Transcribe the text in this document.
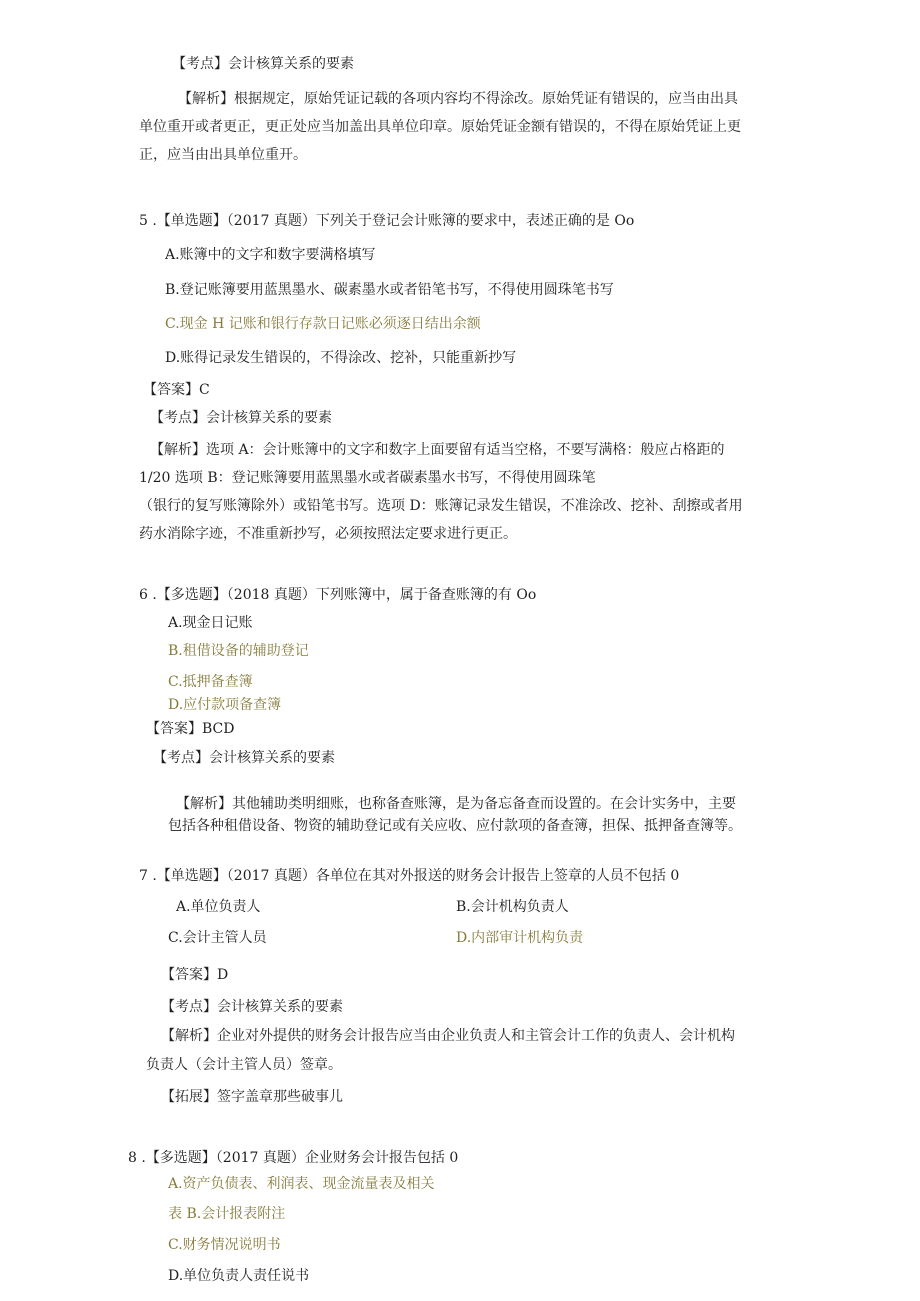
【考点】会计核算关系的要素
【解析】根据规定，原始凭证记载的各项内容均不得涂改。原始凭证有错误的，应当由出具
单位重开或者更正，更正处应当加盖出具单位印章。原始凭证金额有错误的，不得在原始凭证上更
正，应当由出具单位重开。
5 .【单选题】（2017 真题）下列关于登记会计账簿的要求中，表述正确的是 Oo
A.账簿中的文字和数字要满格填写
B.登记账簿要用蓝黑墨水、碳素墨水或者铅笔书写，不得使用圆珠笔书写
C.现金 H 记账和银行存款日记账必须逐日结出余额
D.账得记录发生错误的，不得涂改、挖补，只能重新抄写
【答案】C
【考点】会计核算关系的要素
【解析】选项 A：会计账簿中的文字和数字上面要留有适当空格，不要写满格：般应占格距的
1/20 选项 B：登记账簿要用蓝黑墨水或者碳素墨水书写，不得使用圆珠笔
（银行的复写账簿除外）或铅笔书写。选项 D：账簿记录发生错误，不准涂改、挖补、刮擦或者用
药水消除字迹，不准重新抄写，必须按照法定要求进行更正。
6 .【多选题】（2018 真题）下列账簿中，属于备查账簿的有 Oo
A.现金日记账
B.租借设备的辅助登记
C.抵押备查簿
D.应付款项备查簿
【答案】BCD
【考点】会计核算关系的要素
【解析】其他辅助类明细账，也称备查账簿，是为备忘备查而设置的。在会计实务中，主要
包括各种租借设备、物资的辅助登记或有关应收、应付款项的备查簿，担保、抵押备查簿等。
7 .【单选题】（2017 真题）各单位在其对外报送的财务会计报告上签章的人员不包括 0
A.单位负责人	B.会计机构负责人
C.会计主管人员	D.内部审计机构负责
【答案】D
【考点】会计核算关系的要素
【解析】企业对外提供的财务会计报告应当由企业负责人和主管会计工作的负责人、会计机构
负责人（会计主管人员）签章。
【拓展】签字盖章那些破事儿
8 .【多选题】（2017 真题）企业财务会计报告包括 0
A.资产负债表、利润表、现金流量表及相关
表 B.会计报表附注
C.财务情况说明书
D.单位负责人责任说书
